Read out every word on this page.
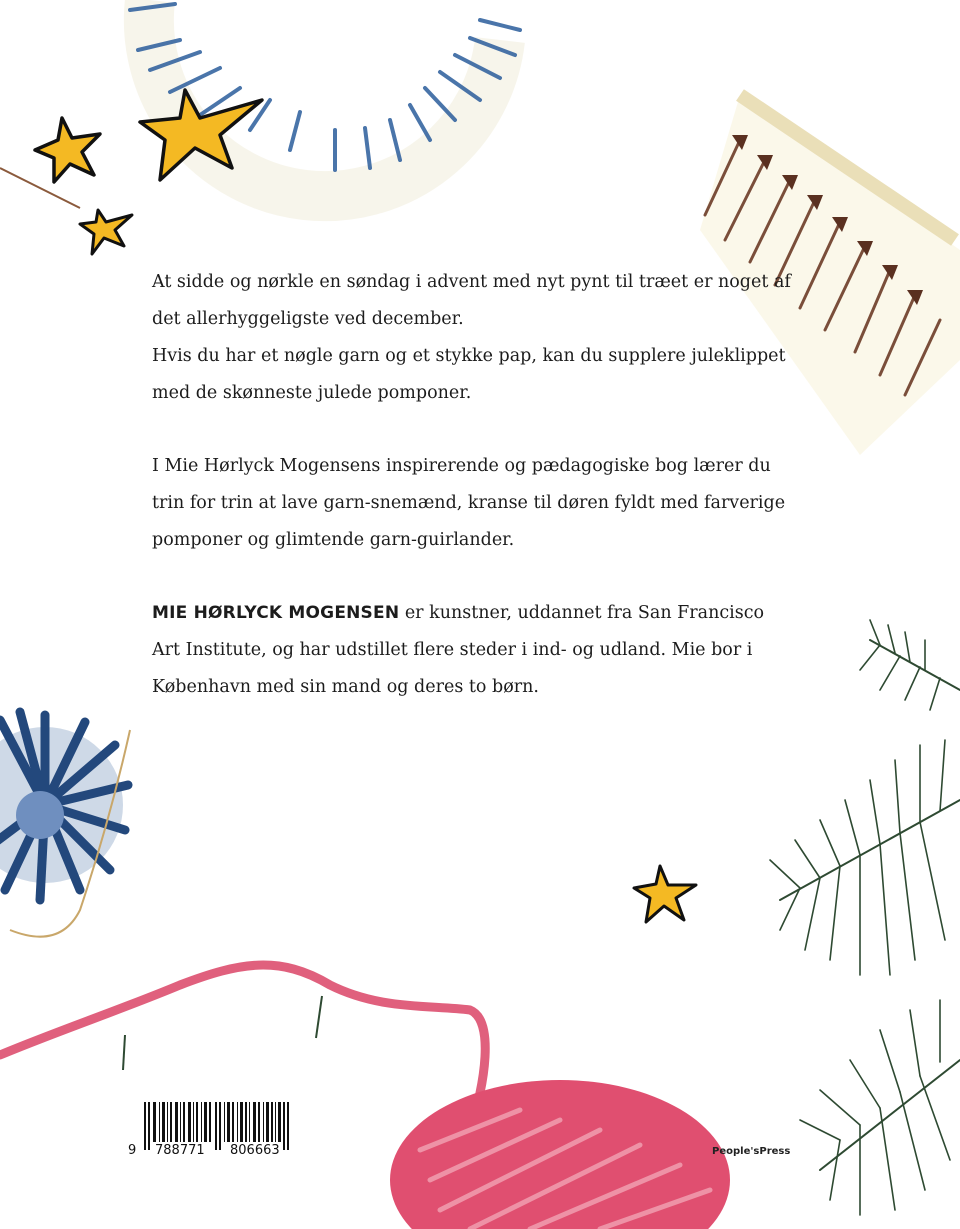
At sidde og nørkle en søndag i advent med nyt pynt til træet er noget af det allerhyggeligste ved december.
Hvis du har et nøgle garn og et stykke pap, kan du supplere juleklippet med de skønneste julede pomponer.

I Mie Hørlyck Mogensens inspirerende og pædagogiske bog lærer du trin for trin at lave garn-snemænd, kranse til døren fyldt med farverige pomponer og glimtende garn-guirlander.

MIE HØRLYCK MOGENSEN er kunstner, uddannet fra San Francisco Art Institute, og har udstillet flere steder i ind- og udland. Mie bor i København med sin mand og deres to børn.

9 788771 806663	People'sPress
